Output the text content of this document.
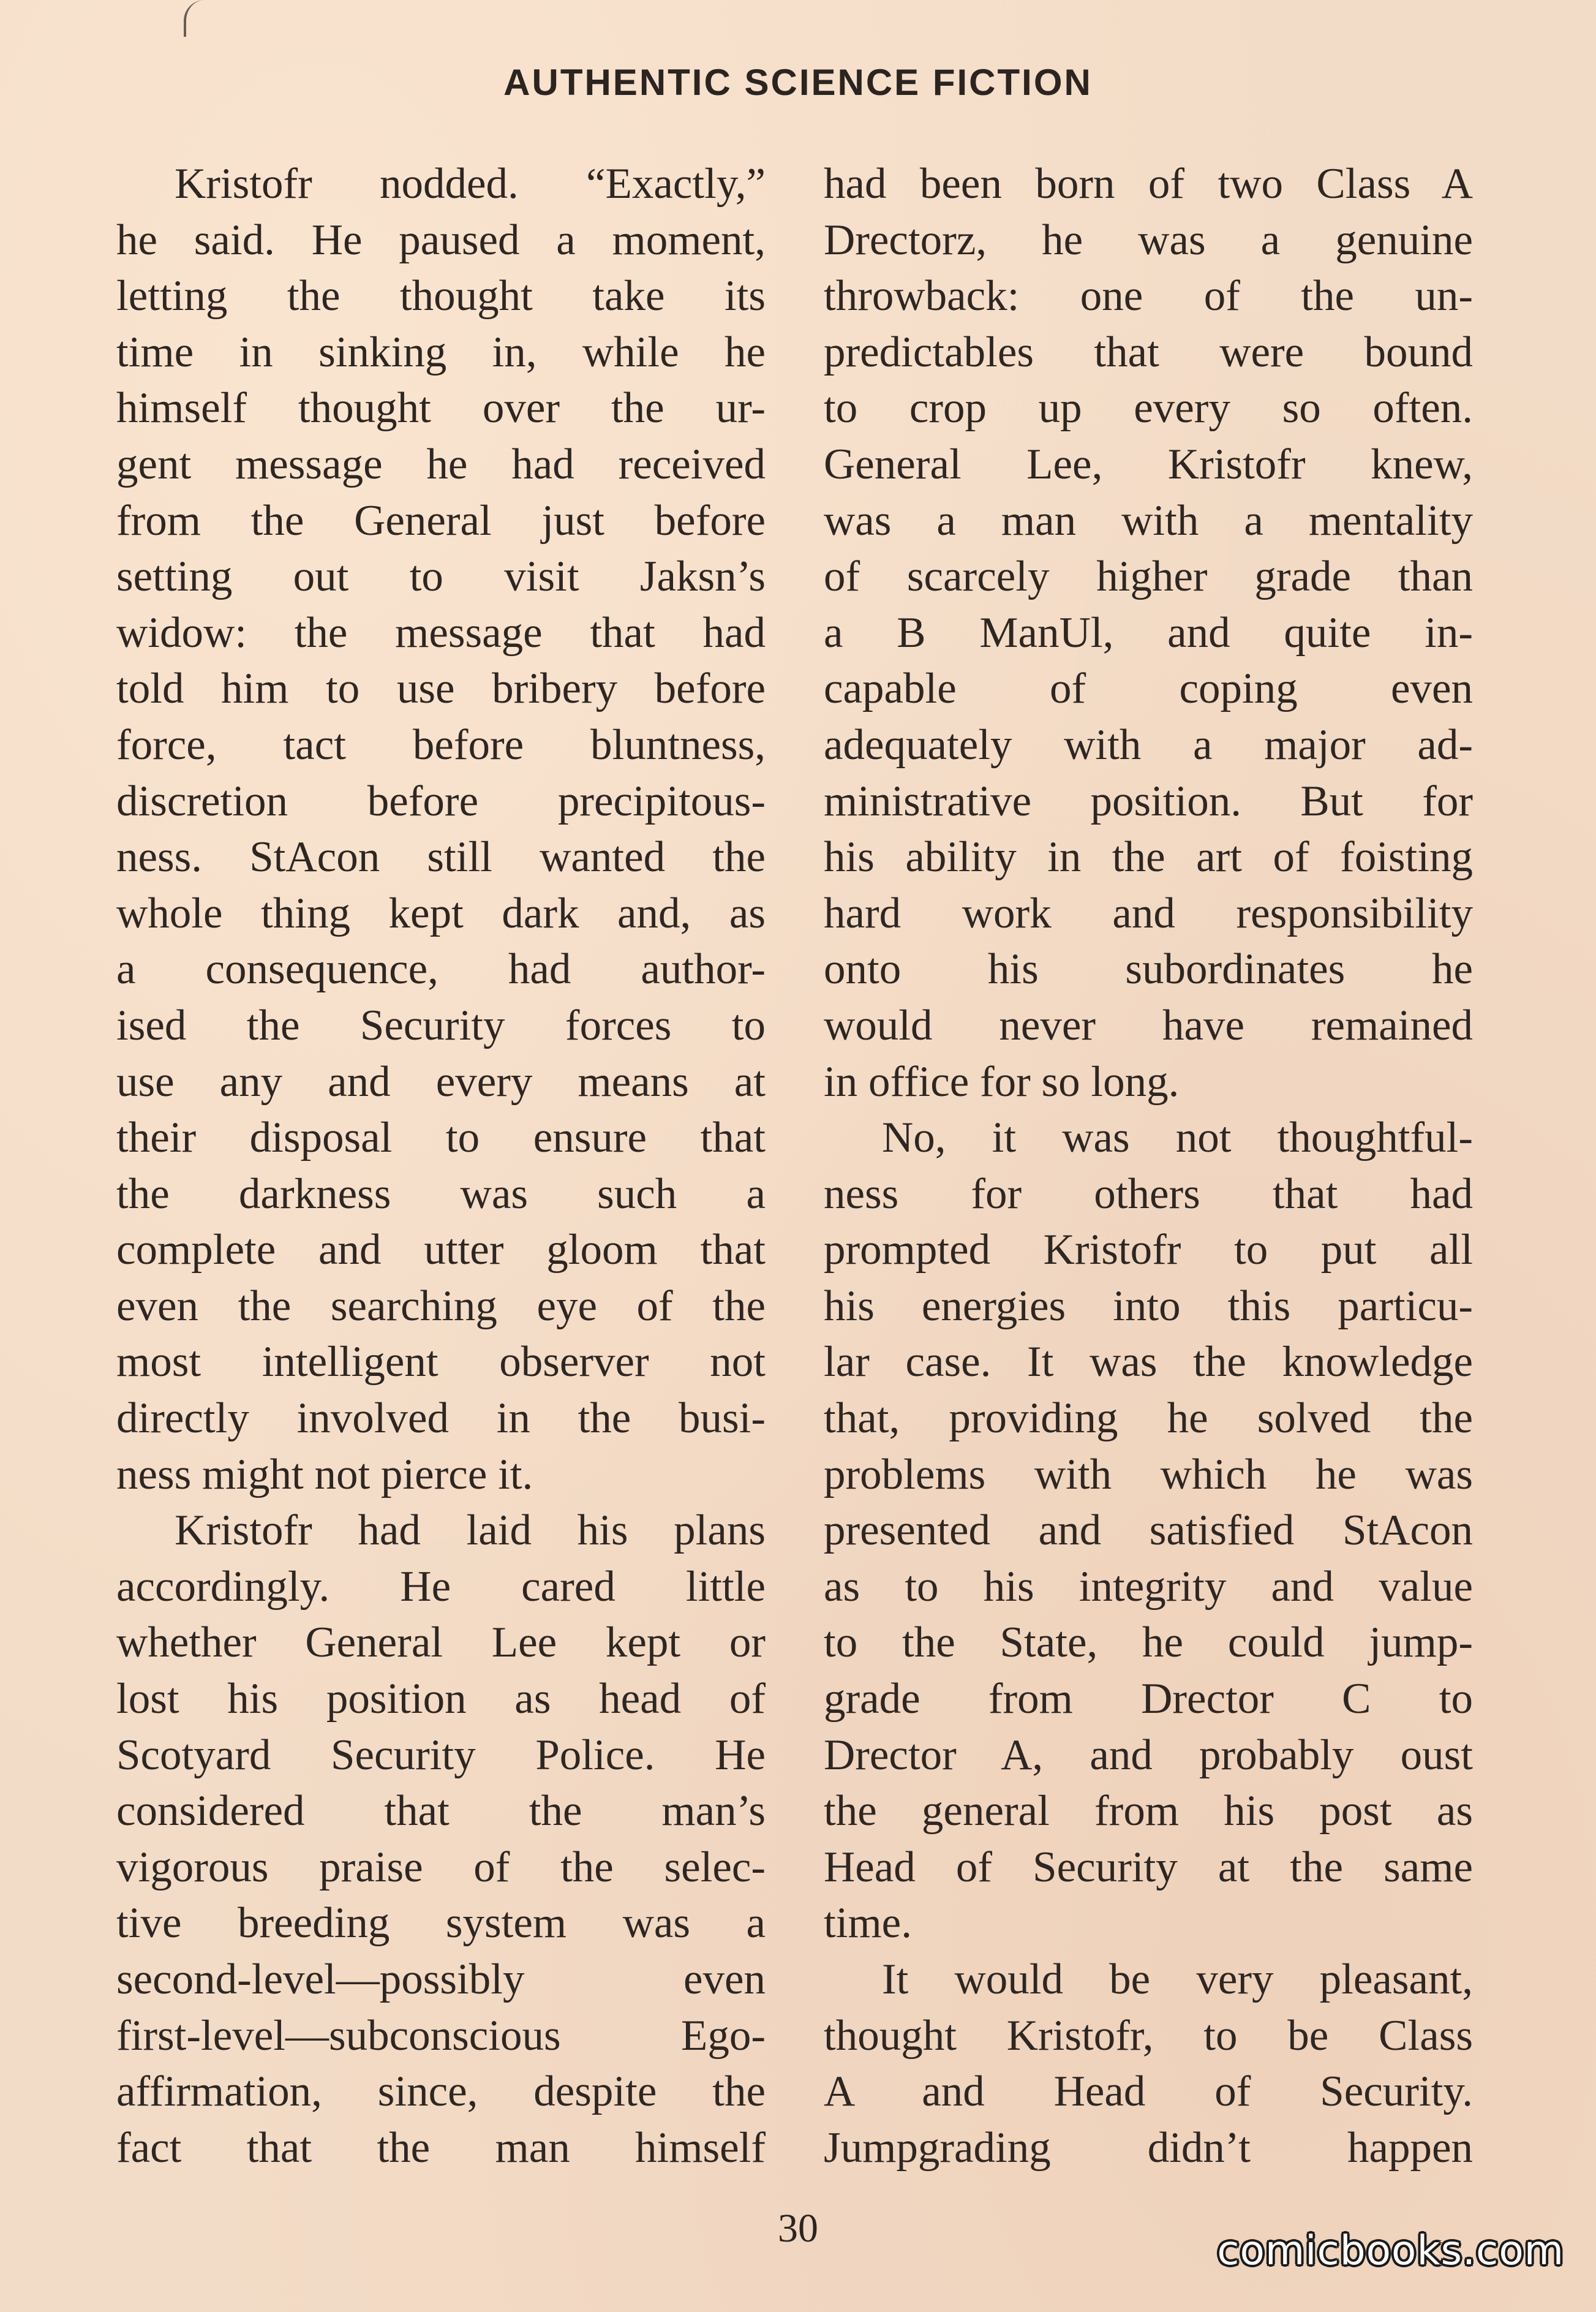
AUTHENTIC SCIENCE FICTION
Kristofr nodded. “Exactly,”
he said. He paused a moment,
letting the thought take its
time in sinking in, while he
himself thought over the ur-
gent message he had received
from the General just before
setting out to visit Jaksn’s
widow: the message that had
told him to use bribery before
force, tact before bluntness,
discretion before precipitous-
ness. StAcon still wanted the
whole thing kept dark and, as
a consequence, had author-
ised the Security forces to
use any and every means at
their disposal to ensure that
the darkness was such a
complete and utter gloom that
even the searching eye of the
most intelligent observer not
directly involved in the busi-
ness might not pierce it.
Kristofr had laid his plans
accordingly. He cared little
whether General Lee kept or
lost his position as head of
Scotyard Security Police. He
considered that the man’s
vigorous praise of the selec-
tive breeding system was a
second-level—possibly even
first-level—subconscious Ego-
affirmation, since, despite the
fact that the man himself
had been born of two Class A
Drectorz, he was a genuine
throwback: one of the un-
predictables that were bound
to crop up every so often.
General Lee, Kristofr knew,
was a man with a mentality
of scarcely higher grade than
a B ManUl, and quite in-
capable of coping even
adequately with a major ad-
ministrative position. But for
his ability in the art of foisting
hard work and responsibility
onto his subordinates he
would never have remained
in office for so long.
No, it was not thoughtful-
ness for others that had
prompted Kristofr to put all
his energies into this particu-
lar case. It was the knowledge
that, providing he solved the
problems with which he was
presented and satisfied StAcon
as to his integrity and value
to the State, he could jump-
grade from Drector C to
Drector A, and probably oust
the general from his post as
Head of Security at the same
time.
It would be very pleasant,
thought Kristofr, to be Class
A and Head of Security.
Jumpgrading didn’t happen
30	comicbooks.com
